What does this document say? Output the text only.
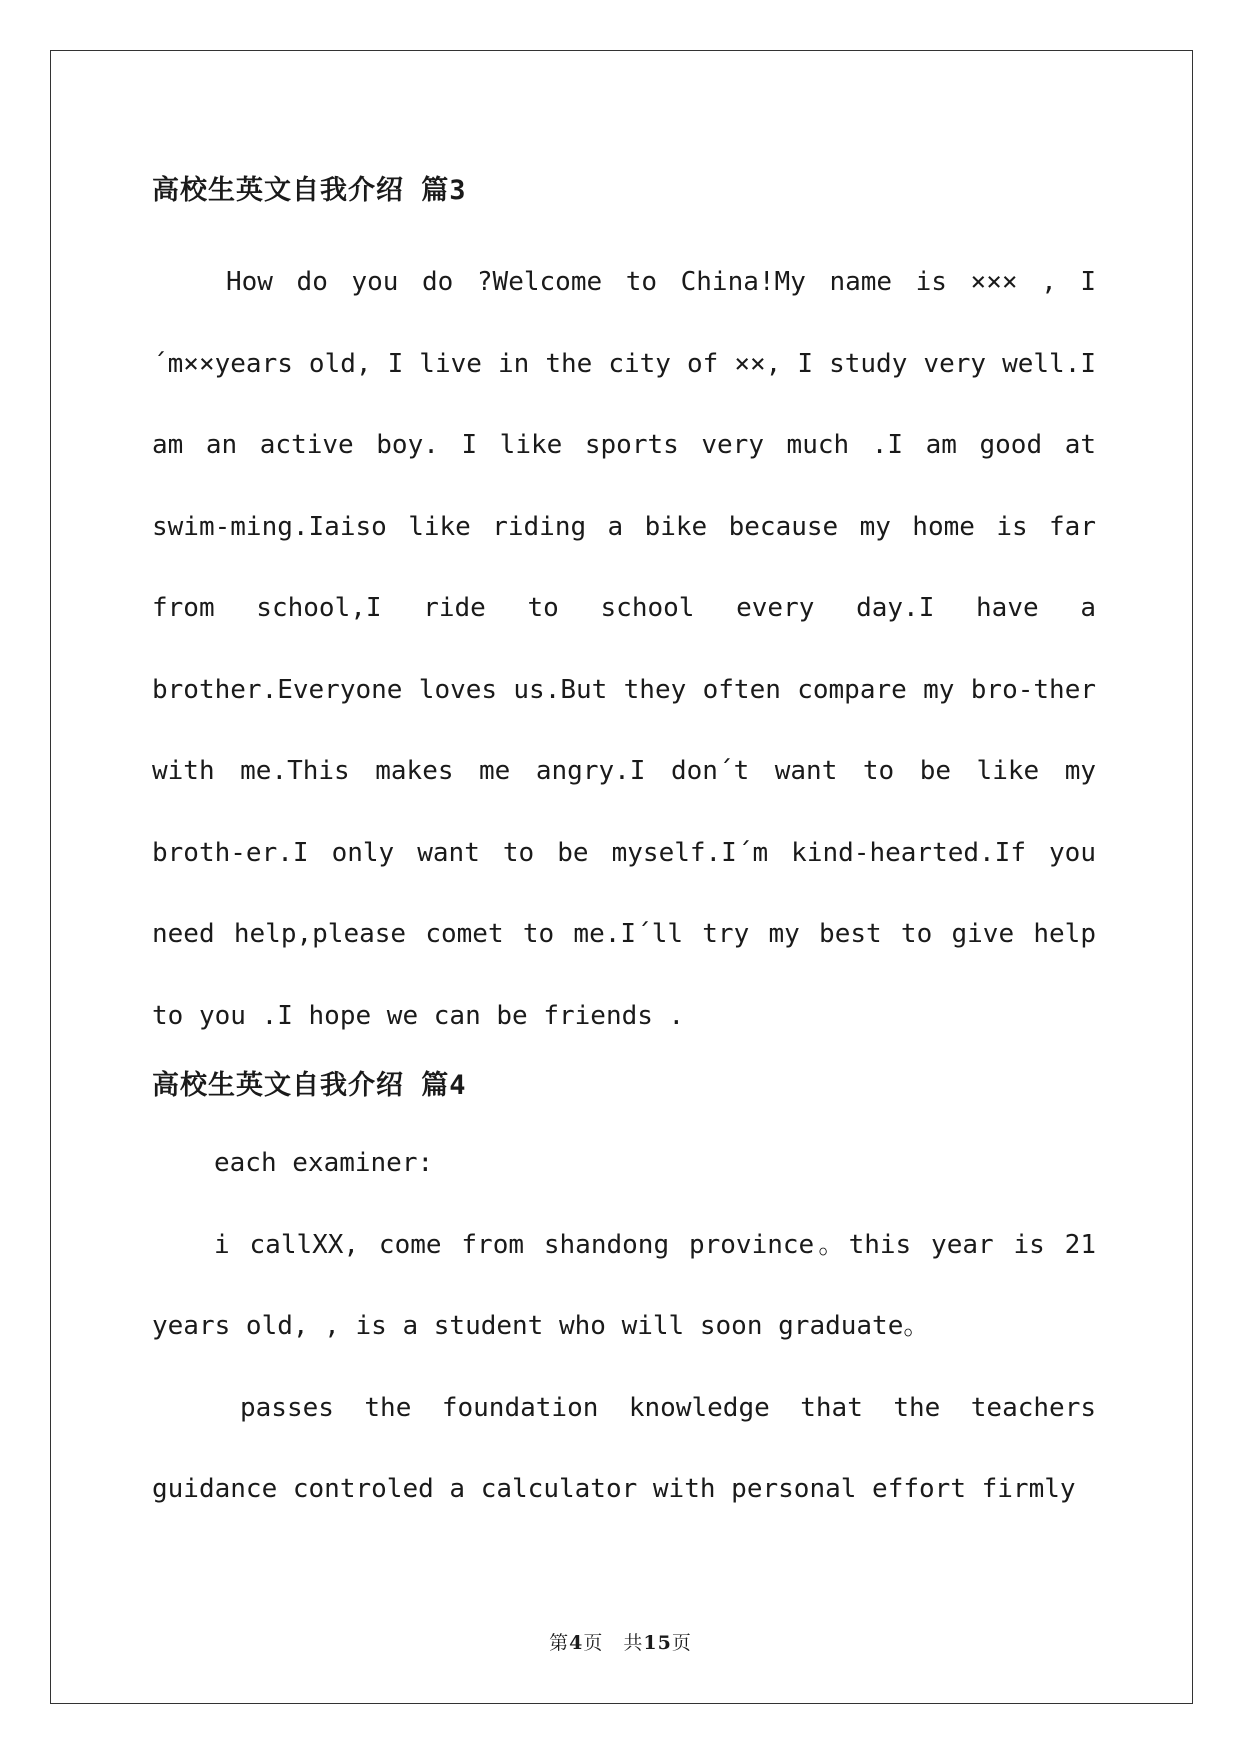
高校生英文自我介绍 篇3

How do you do ?Welcome to China!My name is ××× , I´m××years old, I live in the city of ××, I study very well.I am an active boy. I like sports very much .I am good at swim-ming.Iaiso like riding a bike because my home is far from school,I ride to school every day.I have a brother.Everyone loves us.But they often compare my bro-ther with me.This makes me angry.I don´t want to be like my broth-er.I only want to be myself.I´m kind-hearted.If you need help,please comet to me.I´ll try my best to give help to you .I hope we can be friends .

高校生英文自我介绍 篇4

each examiner:

i callXX, come from shandong province。this year is 21 years old, , is a student who will soon graduate。

passes the foundation knowledge that the teachers guidance controled a calculator with personal effort firmly

第4页　共15页
